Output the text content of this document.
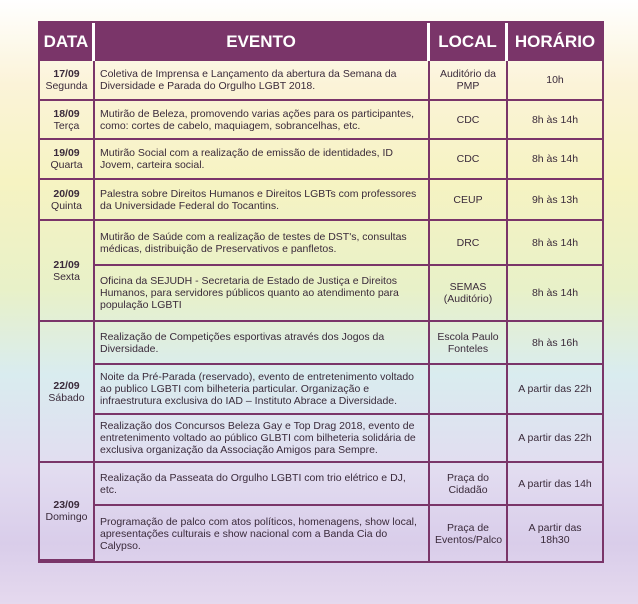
DATA	EVENTO	LOCAL	HORÁRIO

17/09
Segunda	Coletiva de Imprensa e Lançamento da abertura da Semana da Diversidade e Parada do Orgulho LGBT 2018.	Auditório da PMP	10h

18/09
Terça	Mutirão de Beleza, promovendo varias ações para os participantes, como: cortes de cabelo, maquiagem, sobrancelhas, etc.	CDC	8h às 14h

19/09
Quarta	Mutirão Social com a realização de emissão de identidades, ID Jovem, carteira social.	CDC	8h às 14h

20/09
Quinta	Palestra sobre Direitos Humanos e Direitos LGBTs com professores da Universidade Federal do Tocantins.	CEUP	9h às 13h

21/09
Sexta	Mutirão de Saúde com a realização de testes de DST's, consultas médicas, distribuição de Preservativos e panfletos.	DRC	8h às 14h
	Oficina da SEJUDH - Secretaria de Estado de Justiça e Direitos Humanos, para servidores públicos quanto ao atendimento para população LGBTI	SEMAS (Auditório)	8h às 14h

22/09
Sábado	Realização de Competições esportivas através dos Jogos da Diversidade.	Escola Paulo Fonteles	8h às 16h
	Noite da Pré-Parada (reservado), evento de entretenimento voltado ao publico LGBTI com bilheteria particular. Organização e infraestrutura exclusiva do IAD – Instituto Abrace a Diversidade.		A partir das 22h
	Realização dos Concursos Beleza Gay e Top Drag 2018, evento de entretenimento voltado ao público GLBTI com bilheteria solidária de exclusiva organização da Associação Amigos para Sempre.		A partir das 22h

23/09
Domingo	Realização da Passeata do Orgulho LGBTI com trio elétrico e DJ, etc.	Praça do Cidadão	A partir das 14h
	Programação de palco com atos políticos, homenagens, show local, apresentações culturais e show nacional com a Banda Cia do Calypso.	Praça de Eventos/Palco	A partir das 18h30
